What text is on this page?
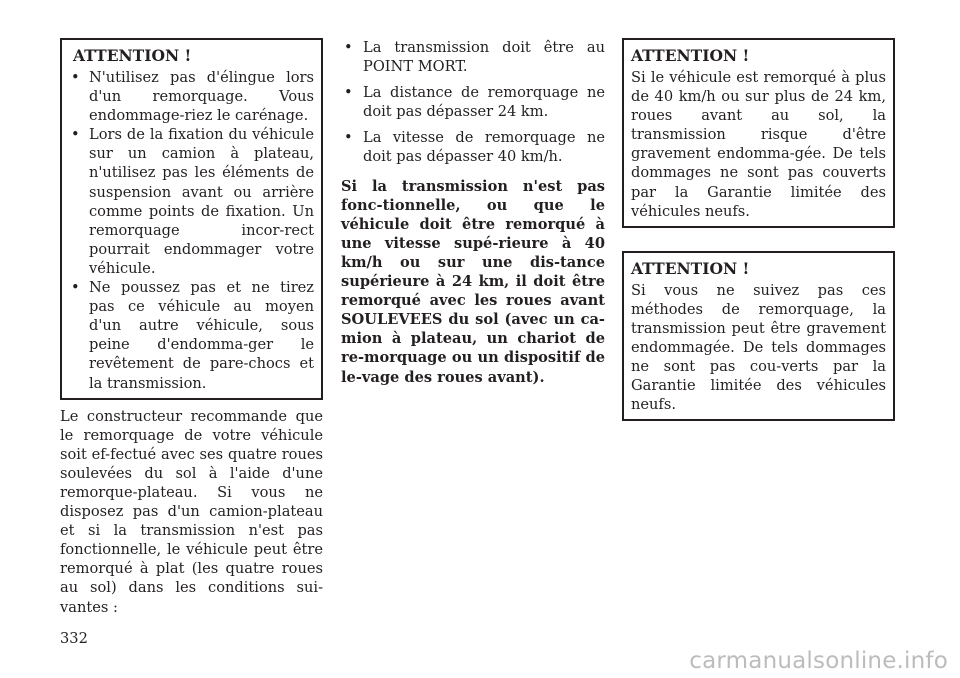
ATTENTION !
• N'utilisez pas d'élingue lors d'un remorquage. Vous endommage-riez le carénage.
• Lors de la fixation du véhicule sur un camion à plateau, n'utilisez pas les éléments de suspension avant ou arrière comme points de fixation. Un remorquage incor-rect pourrait endommager votre véhicule.
• Ne poussez pas et ne tirez pas ce véhicule au moyen d'un autre véhicule, sous peine d'endomma-ger le revêtement de pare-chocs et la transmission.

Le constructeur recommande que le remorquage de votre véhicule soit ef-fectué avec ses quatre roues soulevées du sol à l'aide d'une remorque-plateau. Si vous ne disposez pas d'un camion-plateau et si la transmission n'est pas fonctionnelle, le véhicule peut être remorqué à plat (les quatre roues au sol) dans les conditions sui-vantes :

• La transmission doit être au POINT MORT.
• La distance de remorquage ne doit pas dépasser 24 km.
• La vitesse de remorquage ne doit pas dépasser 40 km/h.

Si la transmission n'est pas fonc-tionnelle, ou que le véhicule doit être remorqué à une vitesse supé-rieure à 40 km/h ou sur une dis-tance supérieure à 24 km, il doit être remorqué avec les roues avant SOULEVEES du sol (avec un ca-mion à plateau, un chariot de re-morquage ou un dispositif de le-vage des roues avant).

ATTENTION !

Si le véhicule est remorqué à plus de 40 km/h ou sur plus de 24 km, roues avant au sol, la transmission risque d'être gravement endomma-gée. De tels dommages ne sont pas couverts par la Garantie limitée des véhicules neufs.

ATTENTION !

Si vous ne suivez pas ces méthodes de remorquage, la transmission peut être gravement endommagée. De tels dommages ne sont pas cou-verts par la Garantie limitée des véhicules neufs.

332
carmanualsonline.info
